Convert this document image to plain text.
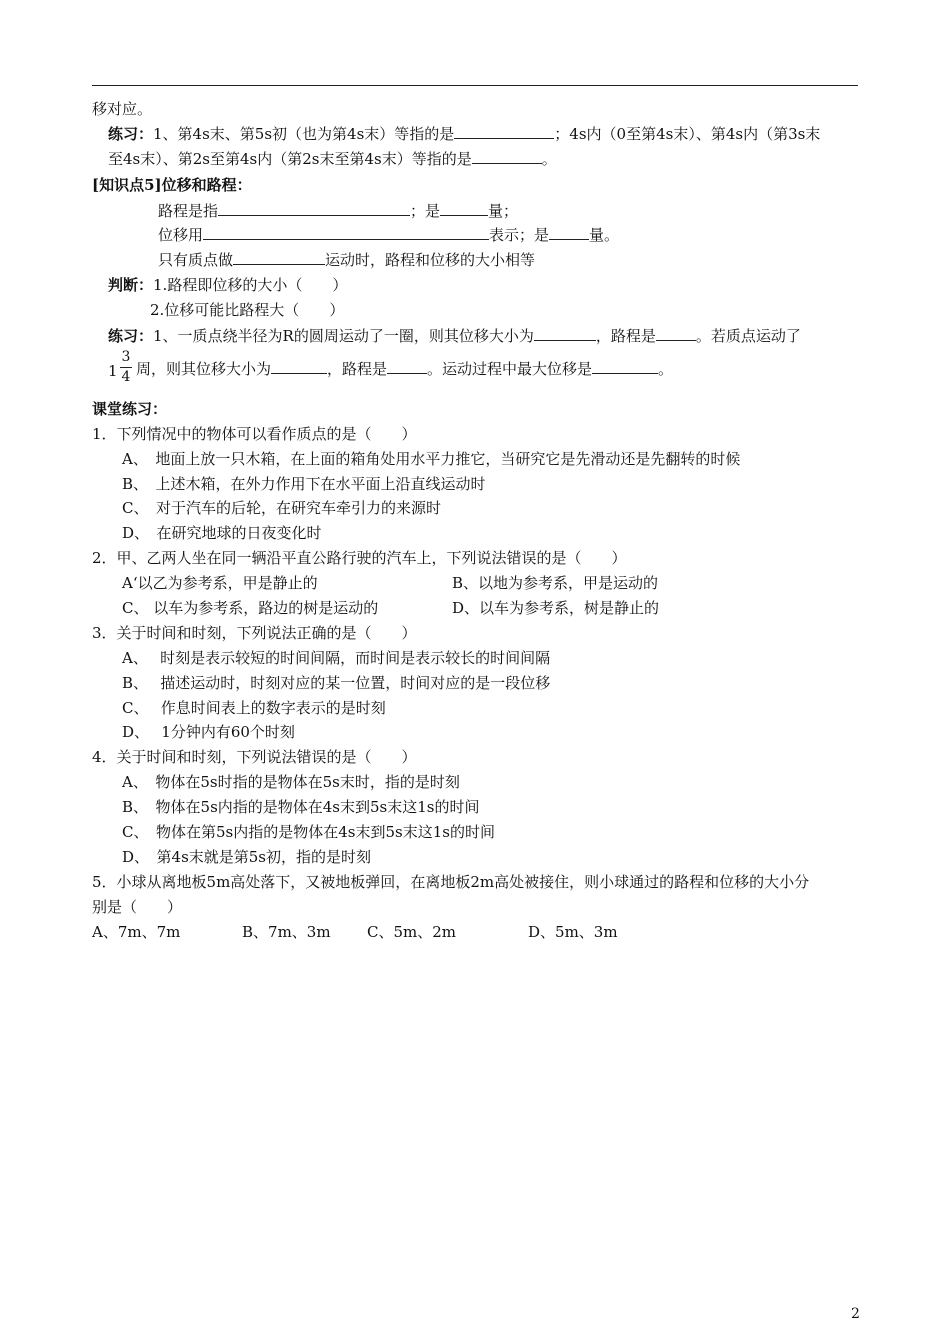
移对应。
练习：1、第4s末、第5s初（也为第4s末）等指的是	；4s内（0至第4s末）、第4s内（第3s末
至4s末）、第2s至第4s内（第2s末至第4s末）等指的是	。
[知识点5]位移和路程：
路程是指	；是	量；
位移用	表示；是	量。
只有质点做	运动时，路程和位移的大小相等
判断：1.路程即位移的大小（　　）
2.位移可能比路程大（　　）
练习：1、一质点绕半径为R的圆周运动了一圈，则其位移大小为	，路程是	。若质点运动了
1
3
4 周，则其位移大小为	，路程是	。运动过程中最大位移是	。
课堂练习：
1．下列情况中的物体可以看作质点的是（　　）
A、　地面上放一只木箱，在上面的箱角处用水平力推它，当研究它是先滑动还是先翻转的时候
B、　上述木箱，在外力作用下在水平面上沿直线运动时
C、　对于汽车的后轮，在研究车牵引力的来源时
D、　在研究地球的日夜变化时
2．甲、乙两人坐在同一辆沿平直公路行驶的汽车上，下列说法错误的是（　　）
A‘以乙为参考系，甲是静止的	B、以地为参考系，甲是运动的
C、 以车为参考系，路边的树是运动的	D、以车为参考系，树是静止的
3．关于时间和时刻，下列说法正确的是（　　）
A、　 时刻是表示较短的时间间隔，而时间是表示较长的时间间隔
B、　 描述运动时，时刻对应的某一位置，时间对应的是一段位移
C、　 作息时间表上的数字表示的是时刻
D、　 1分钟内有60个时刻
4．关于时间和时刻，下列说法错误的是（　　）
A、　物体在5s时指的是物体在5s末时，指的是时刻
B、　物体在5s内指的是物体在4s末到5s末这1s的时间
C、　物体在第5s内指的是物体在4s末到5s末这1s的时间
D、　第4s末就是第5s初，指的是时刻
5．小球从离地板5m高处落下，又被地板弹回，在离地板2m高处被接住，则小球通过的路程和位移的大小分
别是（　　）
A、7m、7m	B、7m、3m C、5m、2m	D、5m、3m
2
